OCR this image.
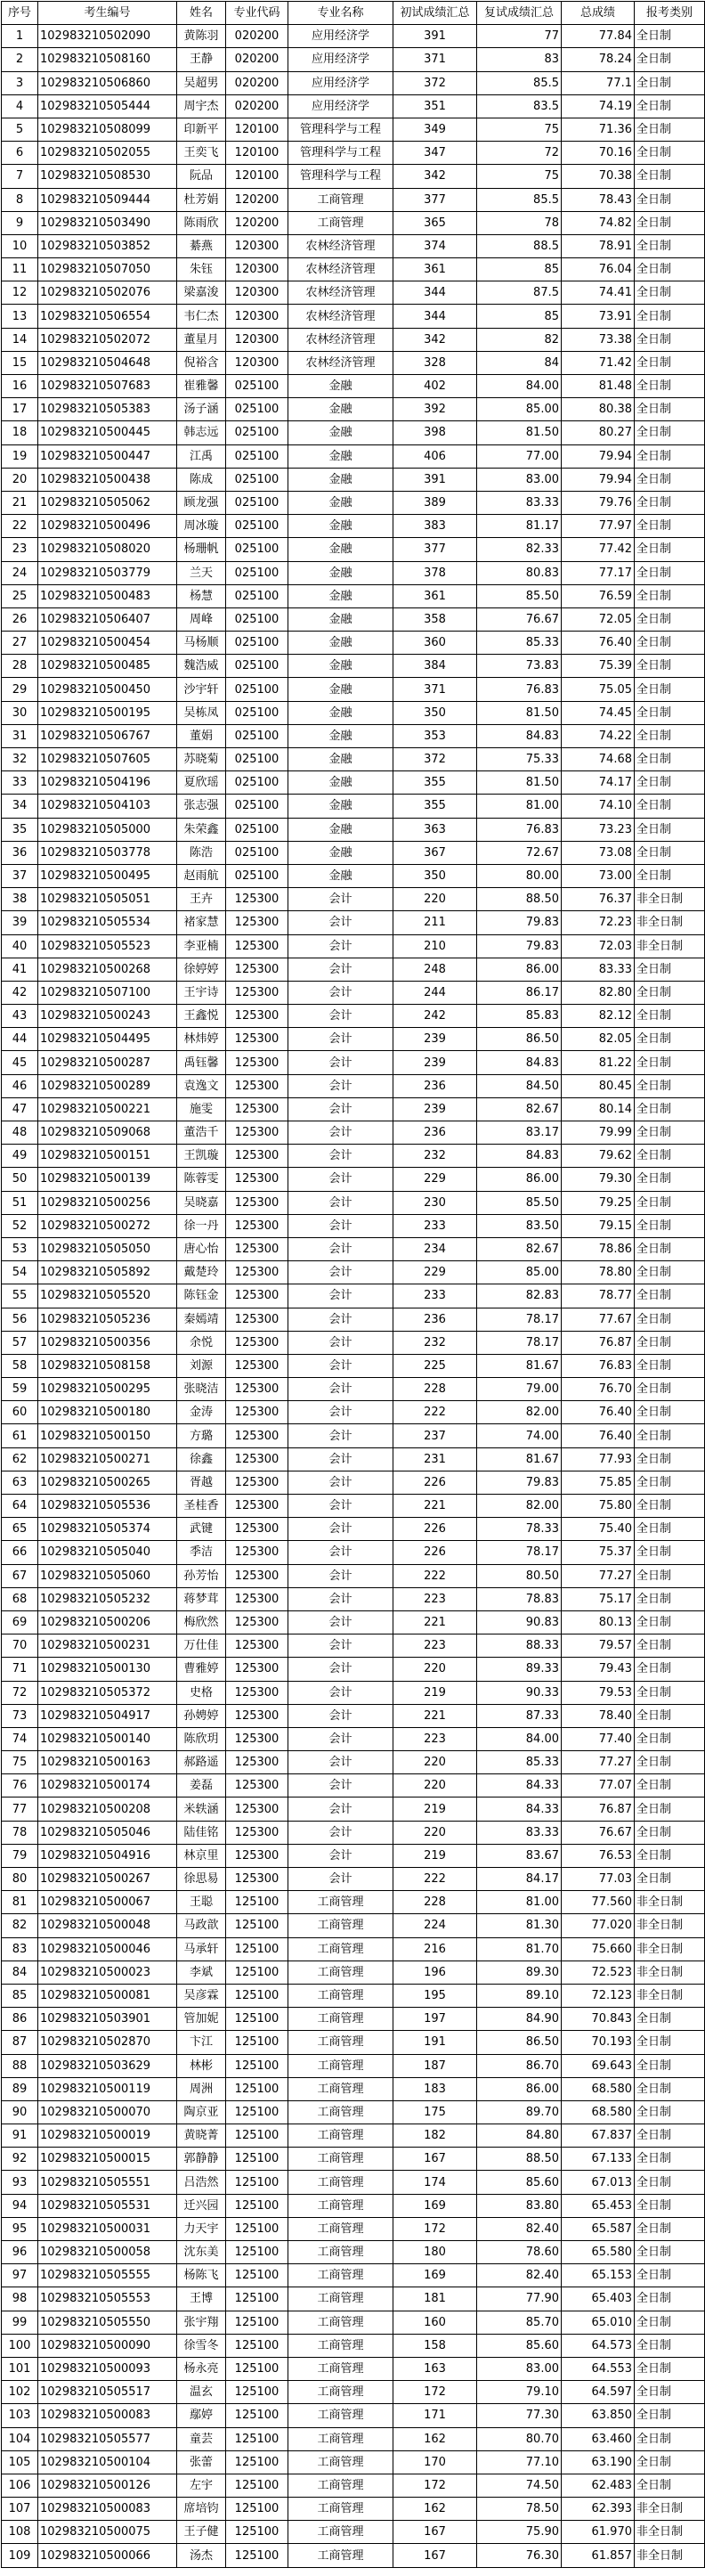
序号	考生编号	姓名	专业代码	专业名称	初试成绩汇总	复试成绩汇总	总成绩	报考类别
1	102983210502090	黄陈羽	020200	应用经济学	391	77	77.84	全日制
2	102983210508160	王静	020200	应用经济学	371	83	78.24	全日制
3	102983210506860	吴超男	020200	应用经济学	372	85.5	77.1	全日制
4	102983210505444	周宇杰	020200	应用经济学	351	83.5	74.19	全日制
5	102983210508099	印新平	120100	管理科学与工程	349	75	71.36	全日制
6	102983210502055	王奕飞	120100	管理科学与工程	347	72	70.16	全日制
7	102983210508530	阮品	120100	管理科学与工程	342	75	70.38	全日制
8	102983210509444	杜芳娟	120200	工商管理	377	85.5	78.43	全日制
9	102983210503490	陈雨欣	120200	工商管理	365	78	74.82	全日制
10	102983210503852	綦燕	120300	农林经济管理	374	88.5	78.91	全日制
11	102983210507050	朱钰	120300	农林经济管理	361	85	76.04	全日制
12	102983210502076	梁嘉浚	120300	农林经济管理	344	87.5	74.41	全日制
13	102983210506554	韦仁杰	120300	农林经济管理	344	85	73.91	全日制
14	102983210502072	董星月	120300	农林经济管理	342	82	73.38	全日制
15	102983210504648	倪裕含	120300	农林经济管理	328	84	71.42	全日制
16	102983210507683	崔雅馨	025100	金融	402	84.00	81.48	全日制
17	102983210505383	汤子涵	025100	金融	392	85.00	80.38	全日制
18	102983210500445	韩志远	025100	金融	398	81.50	80.27	全日制
19	102983210500447	江禹	025100	金融	406	77.00	79.94	全日制
20	102983210500438	陈成	025100	金融	391	83.00	79.94	全日制
21	102983210505062	顾龙强	025100	金融	389	83.33	79.76	全日制
22	102983210500496	周冰璇	025100	金融	383	81.17	77.97	全日制
23	102983210508020	杨珊帆	025100	金融	377	82.33	77.42	全日制
24	102983210503779	兰天	025100	金融	378	80.83	77.17	全日制
25	102983210500483	杨慧	025100	金融	361	85.50	76.59	全日制
26	102983210506407	周峰	025100	金融	358	76.67	72.05	全日制
27	102983210500454	马杨顺	025100	金融	360	85.33	76.40	全日制
28	102983210500485	魏浩威	025100	金融	384	73.83	75.39	全日制
29	102983210500450	沙宇轩	025100	金融	371	76.83	75.05	全日制
30	102983210500195	吴栋凤	025100	金融	350	81.50	74.45	全日制
31	102983210506767	董娟	025100	金融	353	84.83	74.22	全日制
32	102983210507605	苏晓菊	025100	金融	372	75.33	74.68	全日制
33	102983210504196	夏欣瑶	025100	金融	355	81.50	74.17	全日制
34	102983210504103	张志强	025100	金融	355	81.00	74.10	全日制
35	102983210505000	朱荣鑫	025100	金融	363	76.83	73.23	全日制
36	102983210503778	陈浩	025100	金融	367	72.67	73.08	全日制
37	102983210500495	赵雨航	025100	金融	350	80.00	73.00	全日制
38	102983210505051	王卉	125300	会计	220	88.50	76.37	非全日制
39	102983210505534	褚家慧	125300	会计	211	79.83	72.23	非全日制
40	102983210505523	李亚楠	125300	会计	210	79.83	72.03	非全日制
41	102983210500268	徐婷婷	125300	会计	248	86.00	83.33	全日制
42	102983210507100	王宇诗	125300	会计	244	86.17	82.80	全日制
43	102983210500243	王鑫悦	125300	会计	242	85.83	82.12	全日制
44	102983210504495	林炜婷	125300	会计	239	86.50	82.05	全日制
45	102983210500287	禹钰馨	125300	会计	239	84.83	81.22	全日制
46	102983210500289	袁逸文	125300	会计	236	84.50	80.45	全日制
47	102983210500221	施雯	125300	会计	239	82.67	80.14	全日制
48	102983210509068	董浩千	125300	会计	236	83.17	79.99	全日制
49	102983210500151	王凯璇	125300	会计	232	84.83	79.62	全日制
50	102983210500139	陈蓉雯	125300	会计	229	86.00	79.30	全日制
51	102983210500256	吴晓嘉	125300	会计	230	85.50	79.25	全日制
52	102983210500272	徐一丹	125300	会计	233	83.50	79.15	全日制
53	102983210505050	唐心怡	125300	会计	234	82.67	78.86	全日制
54	102983210505892	戴楚玲	125300	会计	229	85.00	78.80	全日制
55	102983210505520	陈钰金	125300	会计	233	82.83	78.77	全日制
56	102983210505236	秦嫣靖	125300	会计	236	78.17	77.67	全日制
57	102983210500356	余悦	125300	会计	232	78.17	76.87	全日制
58	102983210508158	刘源	125300	会计	225	81.67	76.83	全日制
59	102983210500295	张晓洁	125300	会计	228	79.00	76.70	全日制
60	102983210500180	金涛	125300	会计	222	82.00	76.40	全日制
61	102983210500150	方璐	125300	会计	237	74.00	76.40	全日制
62	102983210500271	徐鑫	125300	会计	231	81.67	77.93	全日制
63	102983210500265	胥越	125300	会计	226	79.83	75.85	全日制
64	102983210505536	圣桂香	125300	会计	221	82.00	75.80	全日制
65	102983210505374	武键	125300	会计	226	78.33	75.40	全日制
66	102983210505040	季洁	125300	会计	226	78.17	75.37	全日制
67	102983210505060	孙芳怡	125300	会计	222	80.50	77.27	全日制
68	102983210505232	蒋梦茸	125300	会计	223	78.83	75.17	全日制
69	102983210500206	梅欣然	125300	会计	221	90.83	80.13	全日制
70	102983210500231	万仕佳	125300	会计	223	88.33	79.57	全日制
71	102983210500130	曹雅婷	125300	会计	220	89.33	79.43	全日制
72	102983210505372	史格	125300	会计	219	90.33	79.53	全日制
73	102983210504917	孙娉婷	125300	会计	221	87.33	78.40	全日制
74	102983210500140	陈欣玥	125300	会计	223	84.00	77.40	全日制
75	102983210500163	郝路遥	125300	会计	220	85.33	77.27	全日制
76	102983210500174	姜磊	125300	会计	220	84.33	77.07	全日制
77	102983210500208	米轶涵	125300	会计	219	84.33	76.87	全日制
78	102983210505046	陆佳铭	125300	会计	220	83.33	76.67	全日制
79	102983210504916	林京里	125300	会计	219	83.67	76.53	全日制
80	102983210500267	徐思易	125300	会计	222	84.17	77.03	全日制
81	102983210500067	王聪	125100	工商管理	228	81.00	77.560	非全日制
82	102983210500048	马政歆	125100	工商管理	224	81.30	77.020	非全日制
83	102983210500046	马承轩	125100	工商管理	216	81.70	75.660	非全日制
84	102983210500023	李斌	125100	工商管理	196	89.30	72.523	非全日制
85	102983210500081	吴彦霖	125100	工商管理	195	89.10	72.123	非全日制
86	102983210503901	管加妮	125100	工商管理	197	84.90	70.843	全日制
87	102983210502870	卞江	125100	工商管理	191	86.50	70.193	全日制
88	102983210503629	林彬	125100	工商管理	187	86.70	69.643	全日制
89	102983210500119	周洲	125100	工商管理	183	86.00	68.580	全日制
90	102983210500070	陶京亚	125100	工商管理	175	89.70	68.580	全日制
91	102983210500019	黄晓菁	125100	工商管理	182	84.80	67.837	全日制
92	102983210500015	郭静静	125100	工商管理	167	88.50	67.133	全日制
93	102983210505551	吕浩然	125100	工商管理	174	85.60	67.013	全日制
94	102983210505531	迁兴园	125100	工商管理	169	83.80	65.453	全日制
95	102983210500031	力天宇	125100	工商管理	172	82.40	65.587	全日制
96	102983210500058	沈东美	125100	工商管理	180	78.60	65.580	全日制
97	102983210505555	杨陈飞	125100	工商管理	169	82.40	65.153	全日制
98	102983210505553	王博	125100	工商管理	181	77.90	65.403	全日制
99	102983210505550	张宇翔	125100	工商管理	160	85.70	65.010	全日制
100	102983210500090	徐雪冬	125100	工商管理	158	85.60	64.573	全日制
101	102983210500093	杨永亮	125100	工商管理	163	83.00	64.553	全日制
102	102983210505517	温玄	125100	工商管理	172	79.10	64.597	全日制
103	102983210500083	鄢婷	125100	工商管理	171	77.30	63.850	全日制
104	102983210505577	童芸	125100	工商管理	162	80.70	63.460	全日制
105	102983210500104	张蕾	125100	工商管理	170	77.10	63.190	全日制
106	102983210500126	左宇	125100	工商管理	172	74.50	62.483	全日制
107	102983210500083	席培钧	125100	工商管理	162	78.50	62.393	非全日制
108	102983210500075	王子健	125100	工商管理	167	75.90	61.970	非全日制
109	102983210500066	汤杰	125100	工商管理	167	76.30	61.857	非全日制
